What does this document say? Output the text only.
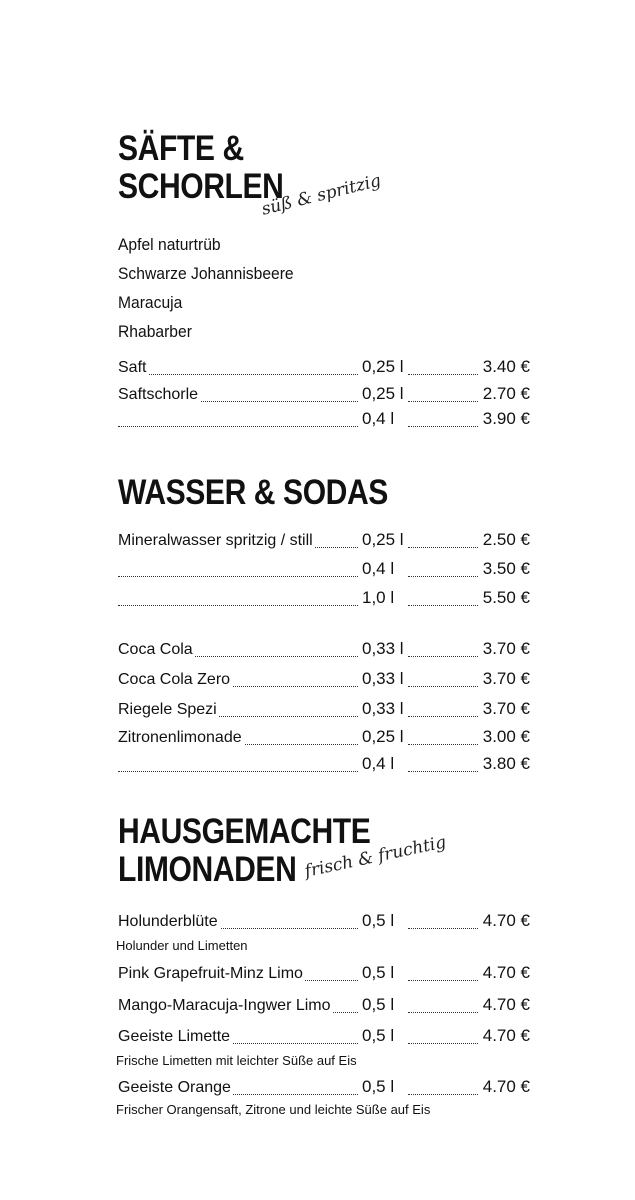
SÄFTE &
SCHORLEN
süß & spritzig
Apfel naturtrüb
Schwarze Johannisbeere
Maracuja
Rhabarber
Saft	0,25 l	3.40 €
Saftschorle	0,25 l	2.70 €
0,4 l	3.90 €
WASSER & SODAS
Mineralwasser spritzig / still	0,25 l	2.50 €
0,4 l	3.50 €
1,0 l	5.50 €
Coca Cola	0,33 l	3.70 €
Coca Cola Zero	0,33 l	3.70 €
Riegele Spezi	0,33 l	3.70 €
Zitronenlimonade	0,25 l	3.00 €
0,4 l	3.80 €
HAUSGEMACHTE
LIMONADEN frisch & fruchtig
Holunderblüte	0,5 l	4.70 €
Holunder und Limetten
Pink Grapefruit-Minz Limo	0,5 l	4.70 €
Mango-Maracuja-Ingwer Limo 0,5 l	4.70 €
Geeiste Limette	0,5 l	4.70 €
Frische Limetten mit leichter Süße auf Eis
Geeiste Orange	0,5 l	4.70 €
Frischer Orangensaft, Zitrone und leichte Süße auf Eis
